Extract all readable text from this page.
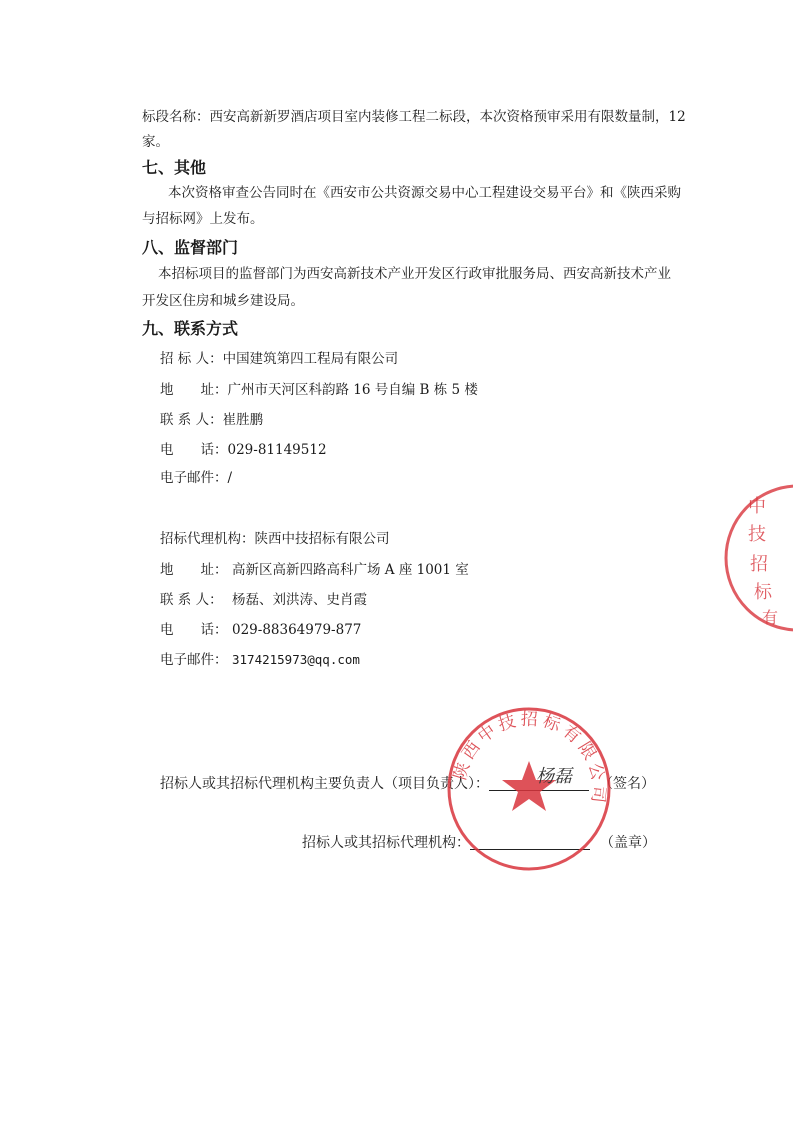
标段名称：西安高新新罗酒店项目室内装修工程二标段，本次资格预审采用有限数量制，12
家。
七、其他
本次资格审查公告同时在《西安市公共资源交易中心工程建设交易平台》和《陕西采购
与招标网》上发布。
八、监督部门
本招标项目的监督部门为西安高新技术产业开发区行政审批服务局、西安高新技术产业
开发区住房和城乡建设局。
九、联系方式
招 标 人：中国建筑第四工程局有限公司
地　　址：广州市天河区科韵路 16 号自编 B 栋 5 楼
联 系 人：崔胜鹏
电　　话：029-81149512
电子邮件：/
招标代理机构：陕西中技招标有限公司
地　　址： 高新区高新四路高科广场 A 座 1001 室
联 系 人： 杨磊、刘洪涛、史肖霞
电　　话： 029-88364979-877
电子邮件： 3174215973@qq.com
招标人或其招标代理机构主要负责人（项目负责人）：	（签名）
招标人或其招标代理机构：	（盖章）
陕西中技招标有限公司
杨磊
中
技
招
标
有
